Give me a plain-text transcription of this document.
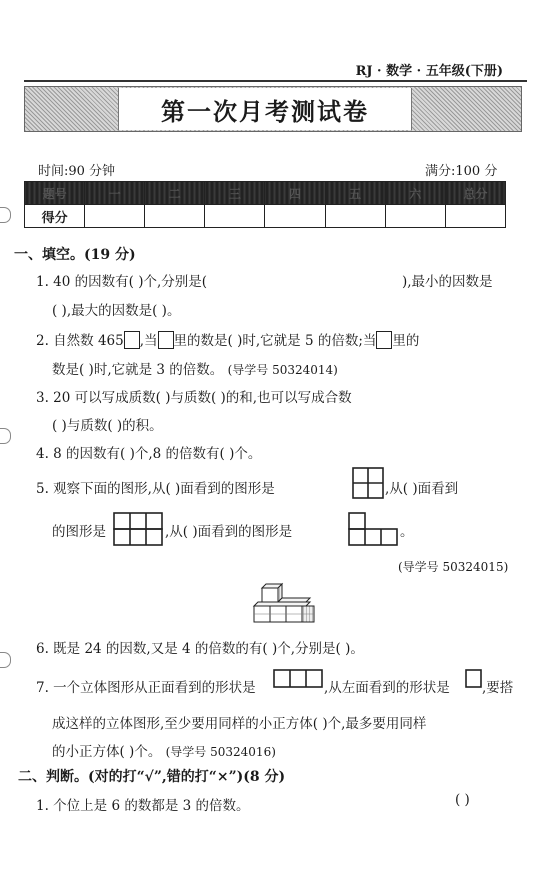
RJ · 数学 · 五年级(下册)
第一次月考测试卷
时间:90 分钟	满分:100 分
题号	一	二	三	四	五	六	总分
得分							
一、填空。(19 分)
1. 40 的因数有( )个,分别是(	),最小的因数是
( ),最大的因数是( )。
2. 自然数 465 ,当 里的数是( )时,它就是 5 的倍数;当 里的
数是( )时,它就是 3 的倍数。 (导学号 50324014)
3. 20 可以写成质数( )与质数( )的和,也可以写成合数
( )与质数( )的积。
4. 8 的因数有( )个,8 的倍数有( )个。
5. 观察下面的图形,从( )面看到的图形是	,从( )面看到
的图形是	,从( )面看到的图形是	。
(导学号 50324015)
6. 既是 24 的因数,又是 4 的倍数的有( )个,分别是( )。
7. 一个立体图形从正面看到的形状是	,从左面看到的形状是 ,要搭
成这样的立体图形,至少要用同样的小正方体( )个,最多要用同样
的小正方体( )个。 (导学号 50324016)
二、判断。(对的打“√”,错的打“×”)(8 分)
1. 个位上是 6 的数都是 3 的倍数。	( )
